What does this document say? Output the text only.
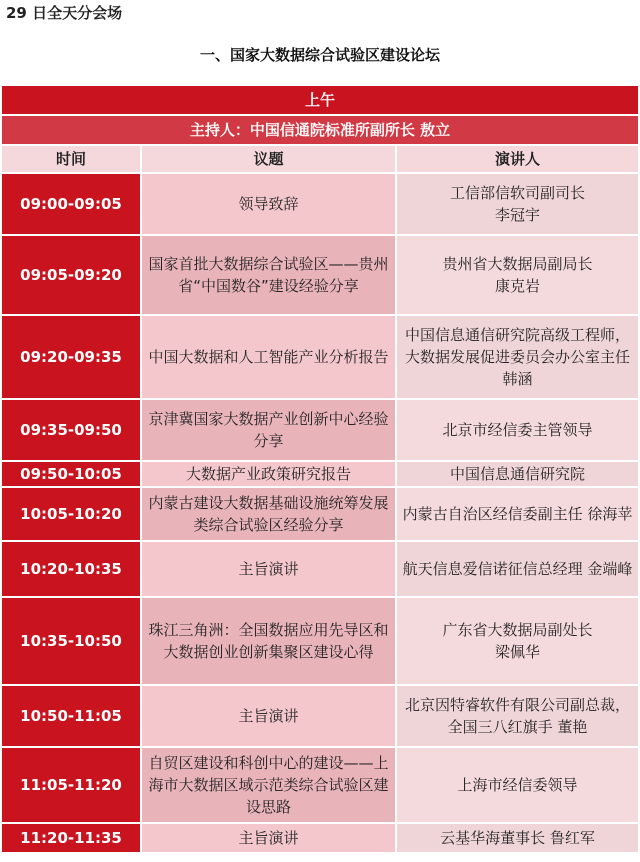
29 日全天分会场
一、国家大数据综合试验区建设论坛
上午		
主持人：中国信通院标准所副所长 敖立		
时间	议题	演讲人
09:00-09:05	领导致辞	工信部信软司副司长
李冠宇
09:05-09:20	国家首批大数据综合试验区——贵州省“中国数谷”建设经验分享	贵州省大数据局副局长
康克岩
09:20-09:35	中国大数据和人工智能产业分析报告	中国信息通信研究院高级工程师，大数据发展促进委员会办公室主任 韩涵
09:35-09:50	京津冀国家大数据产业创新中心经验分享	北京市经信委主管领导
09:50-10:05	大数据产业政策研究报告	中国信息通信研究院
10:05-10:20	内蒙古建设大数据基础设施统筹发展类综合试验区经验分享	内蒙古自治区经信委副主任 徐海苹
10:20-10:35	主旨演讲	航天信息爱信诺征信总经理 金端峰
10:35-10:50	珠江三角洲：全国数据应用先导区和大数据创业创新集聚区建设心得	广东省大数据局副处长
梁佩华
10:50-11:05	主旨演讲	北京因特睿软件有限公司副总裁，全国三八红旗手 董艳
11:05-11:20	自贸区建设和科创中心的建设——上海市大数据区域示范类综合试验区建设思路	上海市经信委领导
11:20-11:35	主旨演讲	云基华海董事长 鲁红军
